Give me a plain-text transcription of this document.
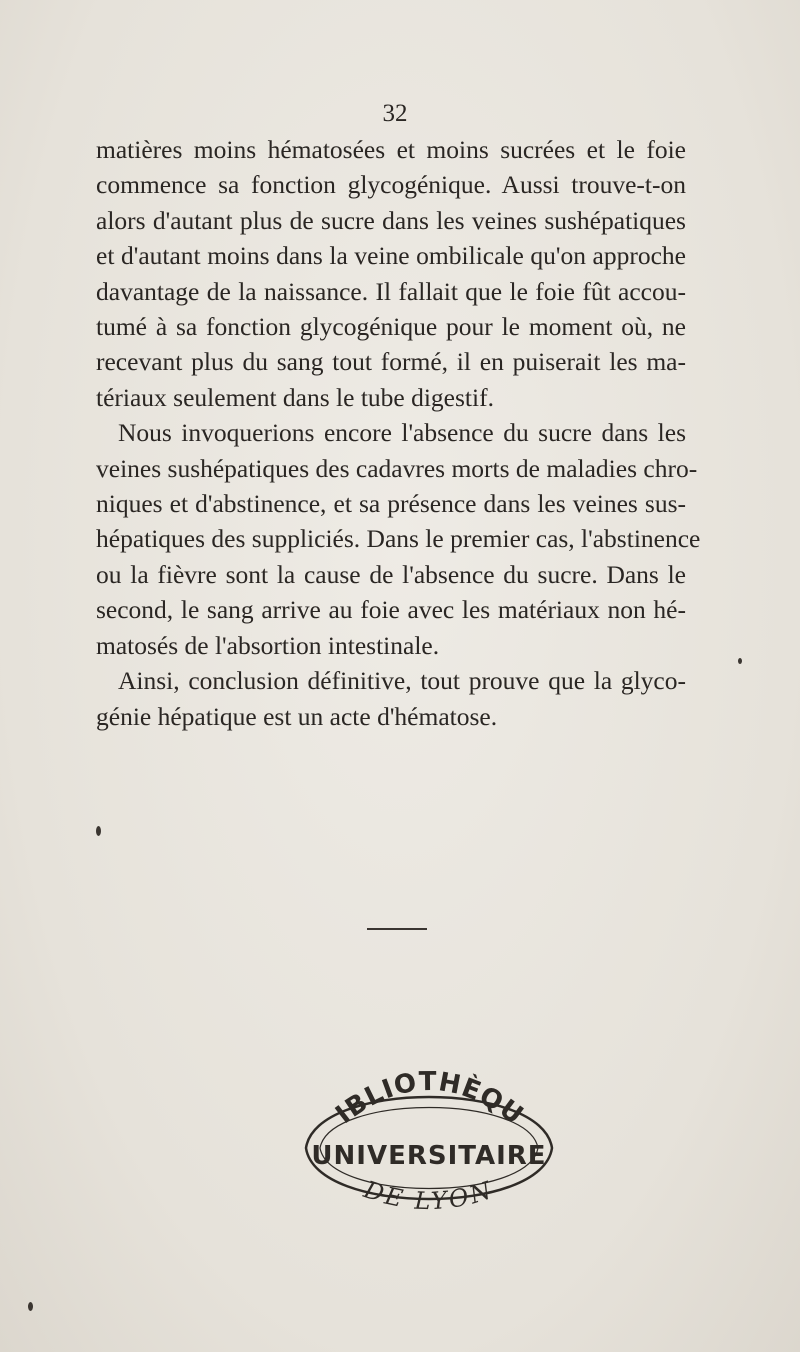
32

matières moins hématosées et moins sucrées et le foie
commence sa fonction glycogénique. Aussi trouve-t-on
alors d'autant plus de sucre dans les veines sushépatiques
et d'autant moins dans la veine ombilicale qu'on approche
davantage de la naissance. Il fallait que le foie fût accou-
tumé à sa fonction glycogénique pour le moment où, ne
recevant plus du sang tout formé, il en puiserait les ma-
tériaux seulement dans le tube digestif.

Nous invoquerions encore l'absence du sucre dans les
veines sushépatiques des cadavres morts de maladies chro-
niques et d'abstinence, et sa présence dans les veines sus-
hépatiques des suppliciés. Dans le premier cas, l'abstinence
ou la fièvre sont la cause de l'absence du sucre. Dans le
second, le sang arrive au foie avec les matériaux non hé-
matosés de l'absortion intestinale.

Ainsi, conclusion définitive, tout prouve que la glyco-
génie hépatique est un acte d'hématose.

IBLIOTHÈQU
UNIVERSITAIRE
DE LYON
